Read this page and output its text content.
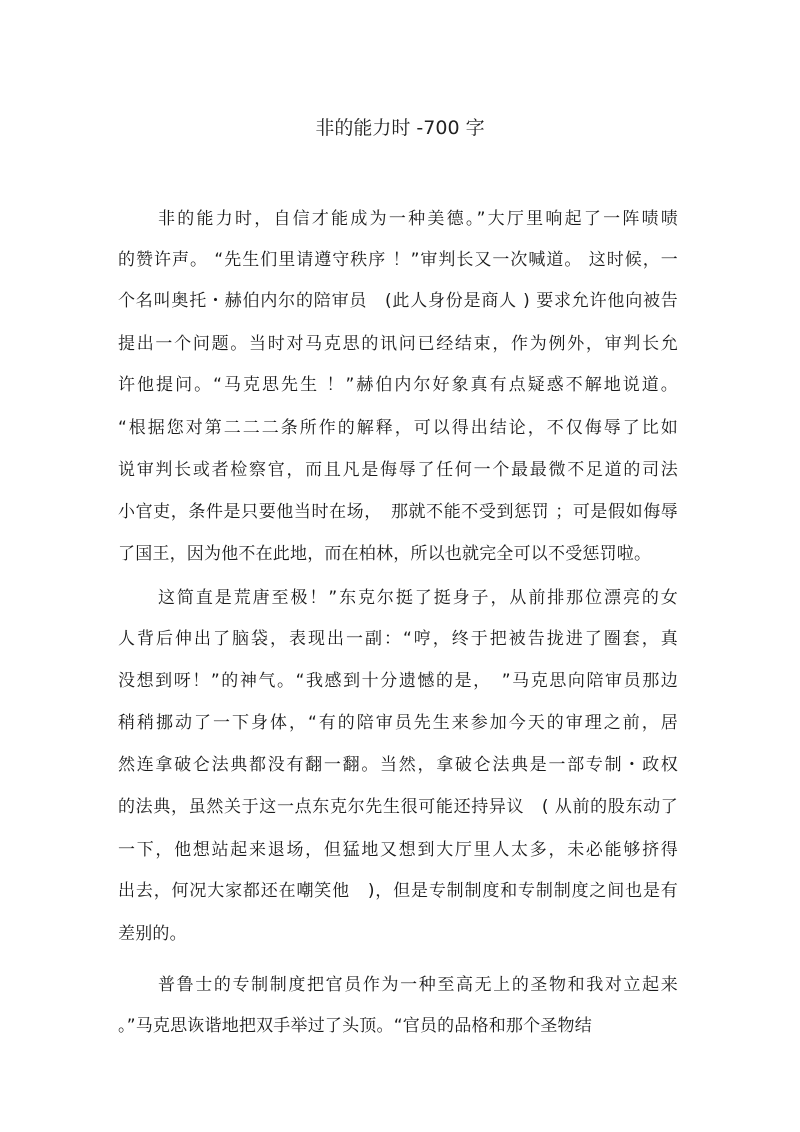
非的能力时 -700 字
非的能力时，自信才能成为一种美德。”大厅里响起了一阵啧啧
的赞许声。 “先生们里请遵守秩序 ！”审判长又一次喊道。 这时候，一
个名叫奥托・赫伯内尔的陪审员　(此人身份是商人 ) 要求允许他向被告
提出一个问题。当时对马克思的讯问已经结束，作为例外，审判长允
许他提问。“马克思先生 ！”赫伯内尔好象真有点疑惑不解地说道。
“根据您对第二二二条所作的解释，可以得出结论，不仅侮辱了比如
说审判长或者检察官，而且凡是侮辱了任何一个最最微不足道的司法
小官吏，条件是只要他当时在场，　那就不能不受到惩罚 ；可是假如侮辱
了国王，因为他不在此地，而在柏林，所以也就完全可以不受惩罚啦。
这简直是荒唐至极！”东克尔挺了挺身子，从前排那位漂亮的女
人背后伸出了脑袋，表现出一副：“哼，终于把被告拢进了圈套，真
没想到呀！”的神气。“我感到十分遗憾的是，　”马克思向陪审员那边
稍稍挪动了一下身体，“有的陪审员先生来参加今天的审理之前，居
然连拿破仑法典都没有翻一翻。当然，拿破仑法典是一部专制・政权
的法典，虽然关于这一点东克尔先生很可能还持异议　( 从前的股东动了
一下，他想站起来退场，但猛地又想到大厅里人太多，未必能够挤得
出去，何况大家都还在嘲笑他　)，但是专制制度和专制制度之间也是有
差别的。
普鲁士的专制制度把官员作为一种至高无上的圣物和我对立起来
。”马克思诙谐地把双手举过了头顶。“官员的品格和那个圣物结
